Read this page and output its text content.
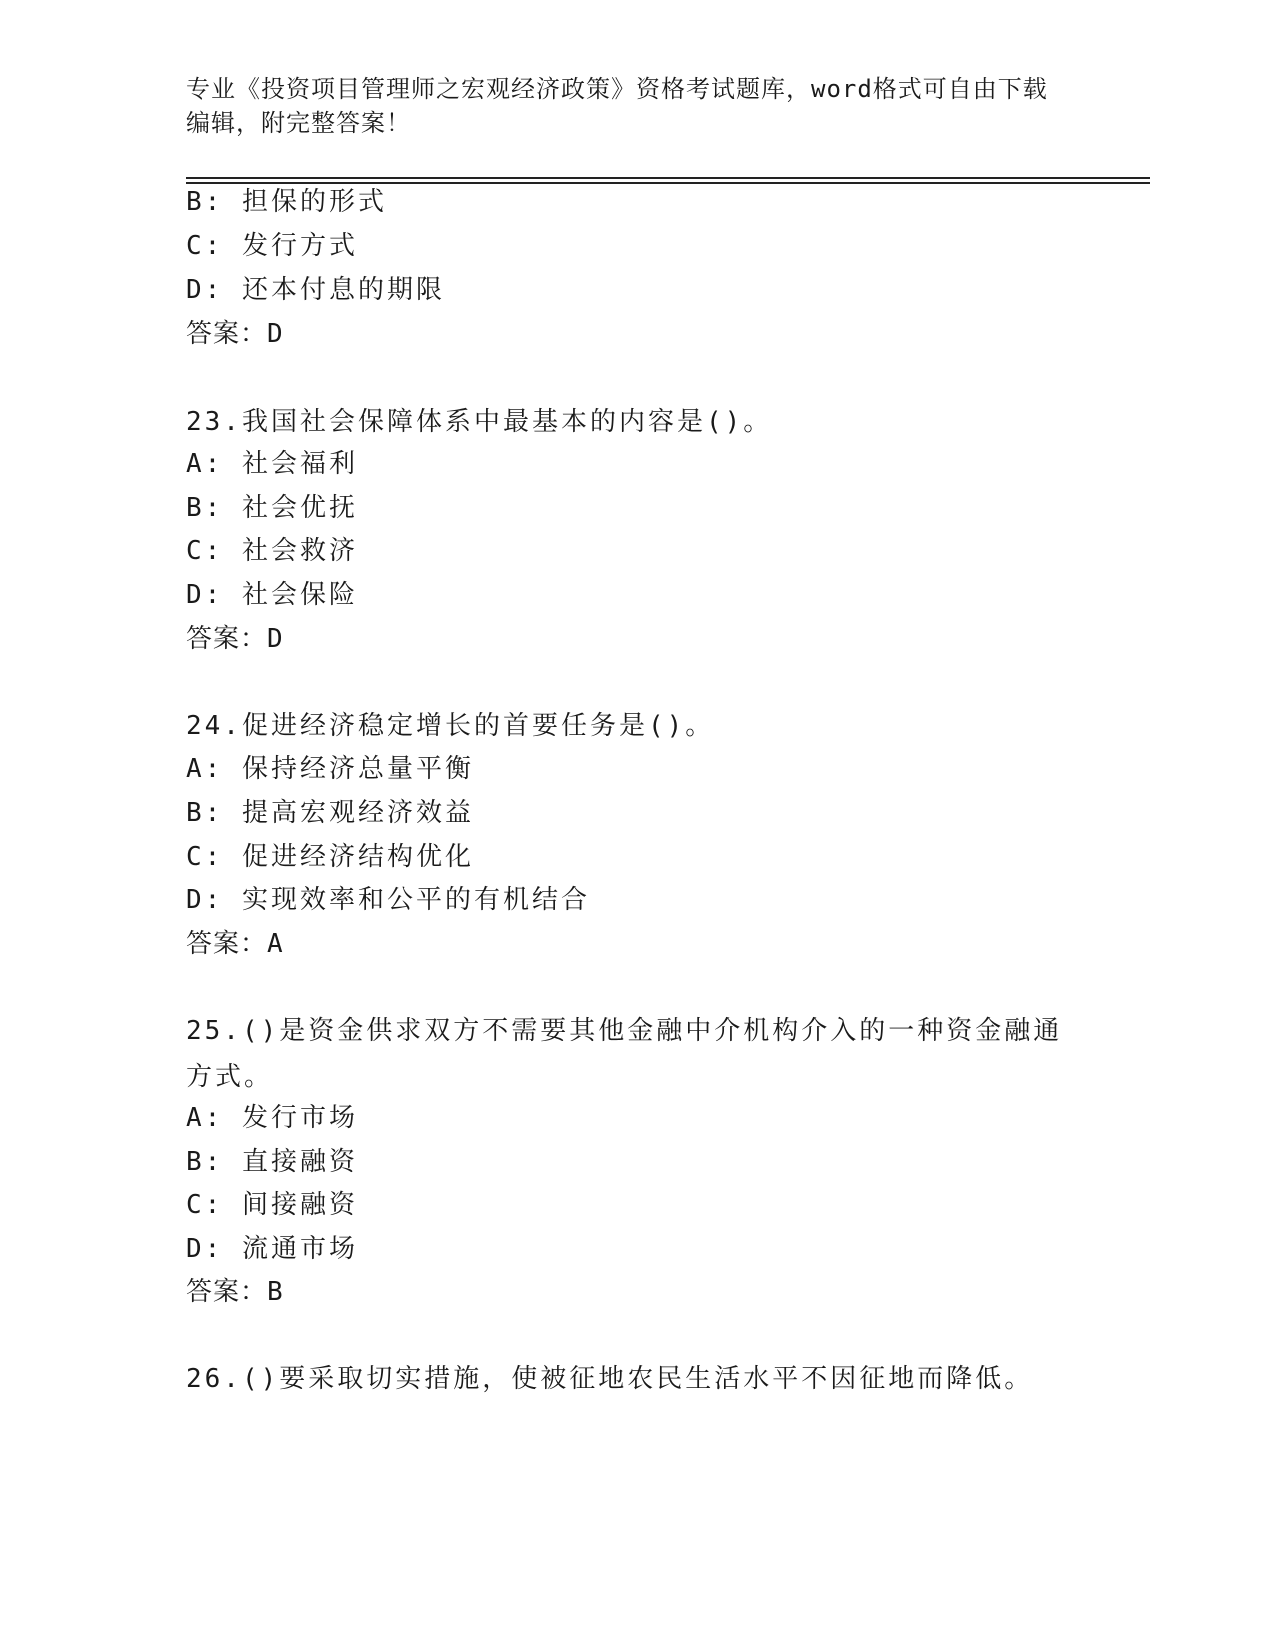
专业《投资项目管理师之宏观经济政策》资格考试题库，word格式可自由下载编辑，附完整答案！
B: 担保的形式
C: 发行方式
D: 还本付息的期限
答案：D
23.我国社会保障体系中最基本的内容是()。
A: 社会福利
B: 社会优抚
C: 社会救济
D: 社会保险
答案：D
24.促进经济稳定增长的首要任务是()。
A: 保持经济总量平衡
B: 提高宏观经济效益
C: 促进经济结构优化
D: 实现效率和公平的有机结合
答案：A
25.()是资金供求双方不需要其他金融中介机构介入的一种资金融通方式。
A: 发行市场
B: 直接融资
C: 间接融资
D: 流通市场
答案：B
26.()要采取切实措施，使被征地农民生活水平不因征地而降低。
